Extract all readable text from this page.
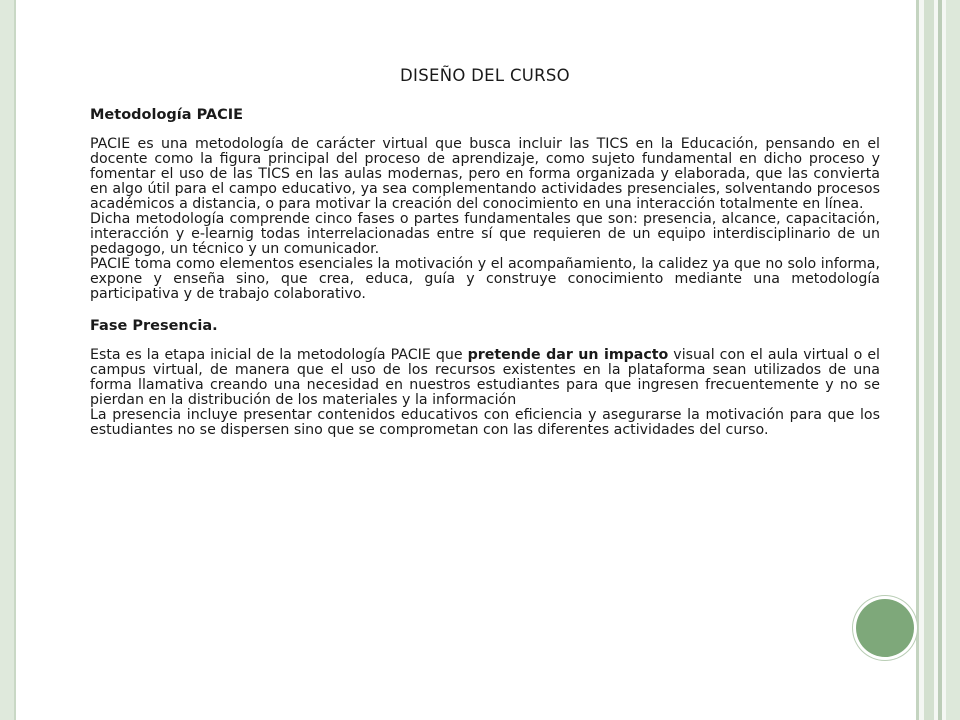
DISEÑO DEL CURSO
Metodología PACIE

PACIE es una metodología de carácter virtual que busca incluir las TICS en la Educación, pensando en el docente como la figura principal del proceso de aprendizaje, como sujeto fundamental en dicho proceso y fomentar el uso de las TICS en las aulas modernas, pero en forma organizada y elaborada, que las convierta en algo útil para el campo educativo, ya sea complementando actividades presenciales, solventando procesos académicos a distancia, o para motivar la creación del conocimiento en una interacción totalmente en línea.

Dicha metodología comprende cinco fases o partes fundamentales que son: presencia, alcance, capacitación, interacción y e-learnig todas interrelacionadas entre sí que requieren de un equipo interdisciplinario de un pedagogo, un técnico y un comunicador.

PACIE toma como elementos esenciales la motivación y el acompañamiento, la calidez ya que no solo informa, expone y enseña sino, que crea, educa, guía y construye conocimiento mediante una metodología participativa y de trabajo colaborativo.

Fase Presencia.

Esta es la etapa inicial de la metodología PACIE que pretende dar un impacto visual con el aula virtual o el campus virtual, de manera que el uso de los recursos existentes en la plataforma sean utilizados de una forma llamativa creando una necesidad en nuestros estudiantes para que ingresen frecuentemente y no se pierdan en la distribución de los materiales y la información

La presencia incluye presentar contenidos educativos con eficiencia y asegurarse la motivación para que los estudiantes no se dispersen sino que se comprometan con las diferentes actividades del curso.
